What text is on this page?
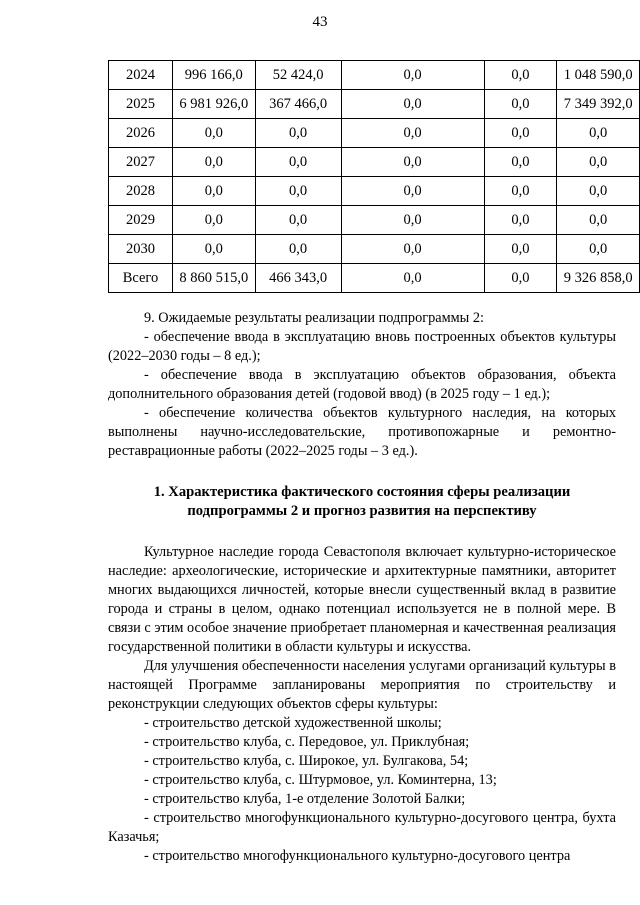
43
2024	996 166,0	52 424,0	0,0	0,0	1 048 590,0
2025	6 981 926,0	367 466,0	0,0	0,0	7 349 392,0
2026	0,0	0,0	0,0	0,0	0,0
2027	0,0	0,0	0,0	0,0	0,0
2028	0,0	0,0	0,0	0,0	0,0
2029	0,0	0,0	0,0	0,0	0,0
2030	0,0	0,0	0,0	0,0	0,0
Всего	8 860 515,0	466 343,0	0,0	0,0	9 326 858,0

9. Ожидаемые результаты реализации подпрограммы 2:

- обеспечение ввода в эксплуатацию вновь построенных объектов культуры (2022–2030 годы – 8 ед.);

- обеспечение ввода в эксплуатацию объектов образования, объекта дополнительного образования детей (годовой ввод) (в 2025 году – 1 ед.);

- обеспечение количества объектов культурного наследия, на которых выполнены научно-исследовательские, противопожарные и ремонтно-реставрационные работы (2022–2025 годы – 3 ед.).

1. Характеристика фактического состояния сферы реализации
подпрограммы 2 и прогноз развития на перспективу

Культурное наследие города Севастополя включает культурно-историческое наследие: археологические, исторические и архитектурные памятники, авторитет многих выдающихся личностей, которые внесли существенный вклад в развитие города и страны в целом, однако потенциал используется не в полной мере. В связи с этим особое значение приобретает планомерная и качественная реализация государственной политики в области культуры и искусства.

Для улучшения обеспеченности населения услугами организаций культуры в настоящей Программе запланированы мероприятия по строительству и реконструкции следующих объектов сферы культуры:

- строительство детской художественной школы;

- строительство клуба, с. Передовое, ул. Приклубная;

- строительство клуба, с. Широкое, ул. Булгакова, 54;

- строительство клуба, с. Штурмовое, ул. Коминтерна, 13;

- строительство клуба, 1-е отделение Золотой Балки;

- строительство многофункционального культурно-досугового центра, бухта Казачья;

- строительство многофункционального культурно-досугового центра
